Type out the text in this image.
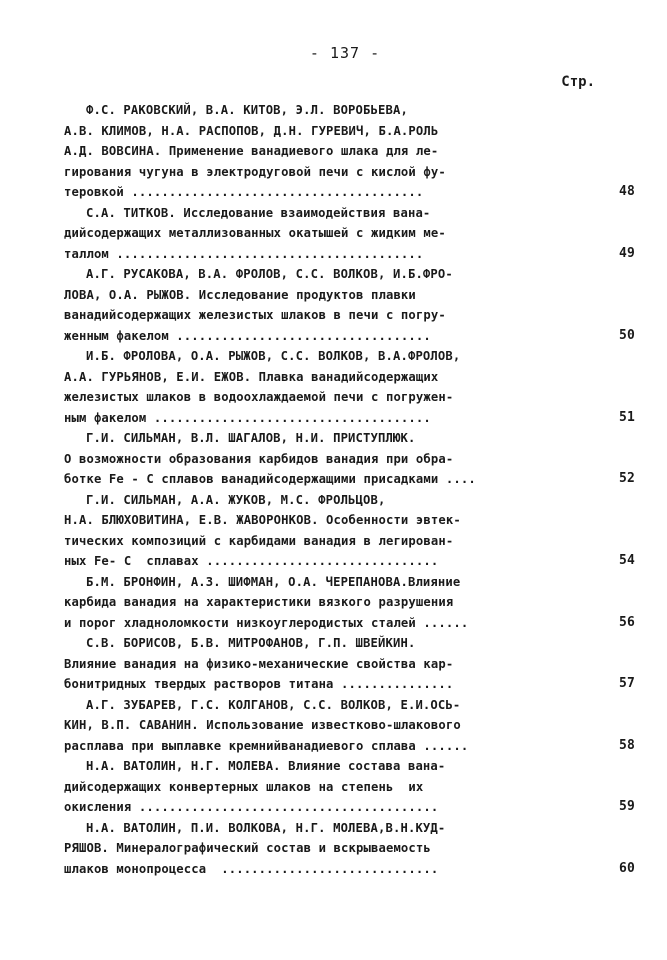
- 137 -
Стр.
Ф.С. РАКОВСКИЙ, В.А. КИТОВ, Э.Л. ВОРОБЬЕВА,
А.В. КЛИМОВ, Н.А. РАСПОПОВ, Д.Н. ГУРЕВИЧ, Б.А.РОЛЬ
А.Д. ВОВСИНА. Применение ванадиевого шлака для ле-
гирования чугуна в электродуговой печи с кислой фу-
теровкой .......................................	48
С.А. ТИТКОВ. Исследование взаимодействия вана-
дийсодержащих металлизованных окатышей с жидким ме-
таллом .........................................	49
А.Г. РУСАКОВА, В.А. ФРОЛОВ, С.С. ВОЛКОВ, И.Б.ФРО-
ЛОВА, О.А. РЫЖОВ. Исследование продуктов плавки
ванадийсодержащих железистых шлаков в печи с погру-
женным факелом ..................................	50
И.Б. ФРОЛОВА, О.А. РЫЖОВ, С.С. ВОЛКОВ, В.А.ФРОЛОВ,
А.А. ГУРЬЯНОВ, Е.И. ЕЖОВ. Плавка ванадийсодержащих
железистых шлаков в водоохлаждаемой печи с погружен-
ным факелом .....................................	51
Г.И. СИЛЬМАН, В.Л. ШАГАЛОВ, Н.И. ПРИСТУПЛЮК.
О возможности образования карбидов ванадия при обра-
ботке Fe - C сплавов ванадийсодержащими присадками ....	52
Г.И. СИЛЬМАН, А.А. ЖУКОВ, М.С. ФРОЛЬЦОВ,
Н.А. БЛЮХОВИТИНА, Е.В. ЖАВОРОНКОВ. Особенности эвтек-
тических композиций с карбидами ванадия в легирован-
ных Fe- C  сплавах ...............................	54
Б.М. БРОНФИН, А.З. ШИФМАН, О.А. ЧЕРЕПАНОВА.Влияние
карбида ванадия на характеристики вязкого разрушения
и порог хладноломкости низкоуглеродистых сталей ......	56
С.В. БОРИСОВ, Б.В. МИТРОФАНОВ, Г.П. ШВЕЙКИН.
Влияние ванадия на физико-механические свойства кар-
бонитридных твердых растворов титана ...............	57
А.Г. ЗУБАРЕВ, Г.С. КОЛГАНОВ, С.С. ВОЛКОВ, Е.И.ОСЬ-
КИН, В.П. САВАНИН. Использование известково-шлакового
расплава при выплавке кремнийванадиевого сплава ......	58
Н.А. ВАТОЛИН, Н.Г. МОЛЕВА. Влияние состава вана-
дийсодержащих конвертерных шлаков на степень  их
окисления ........................................	59
Н.А. ВАТОЛИН, П.И. ВОЛКОВА, Н.Г. МОЛЕВА,В.Н.КУД-
РЯШОВ. Минералографический состав и вскрываемость
шлаков монопроцесса  .............................	60
